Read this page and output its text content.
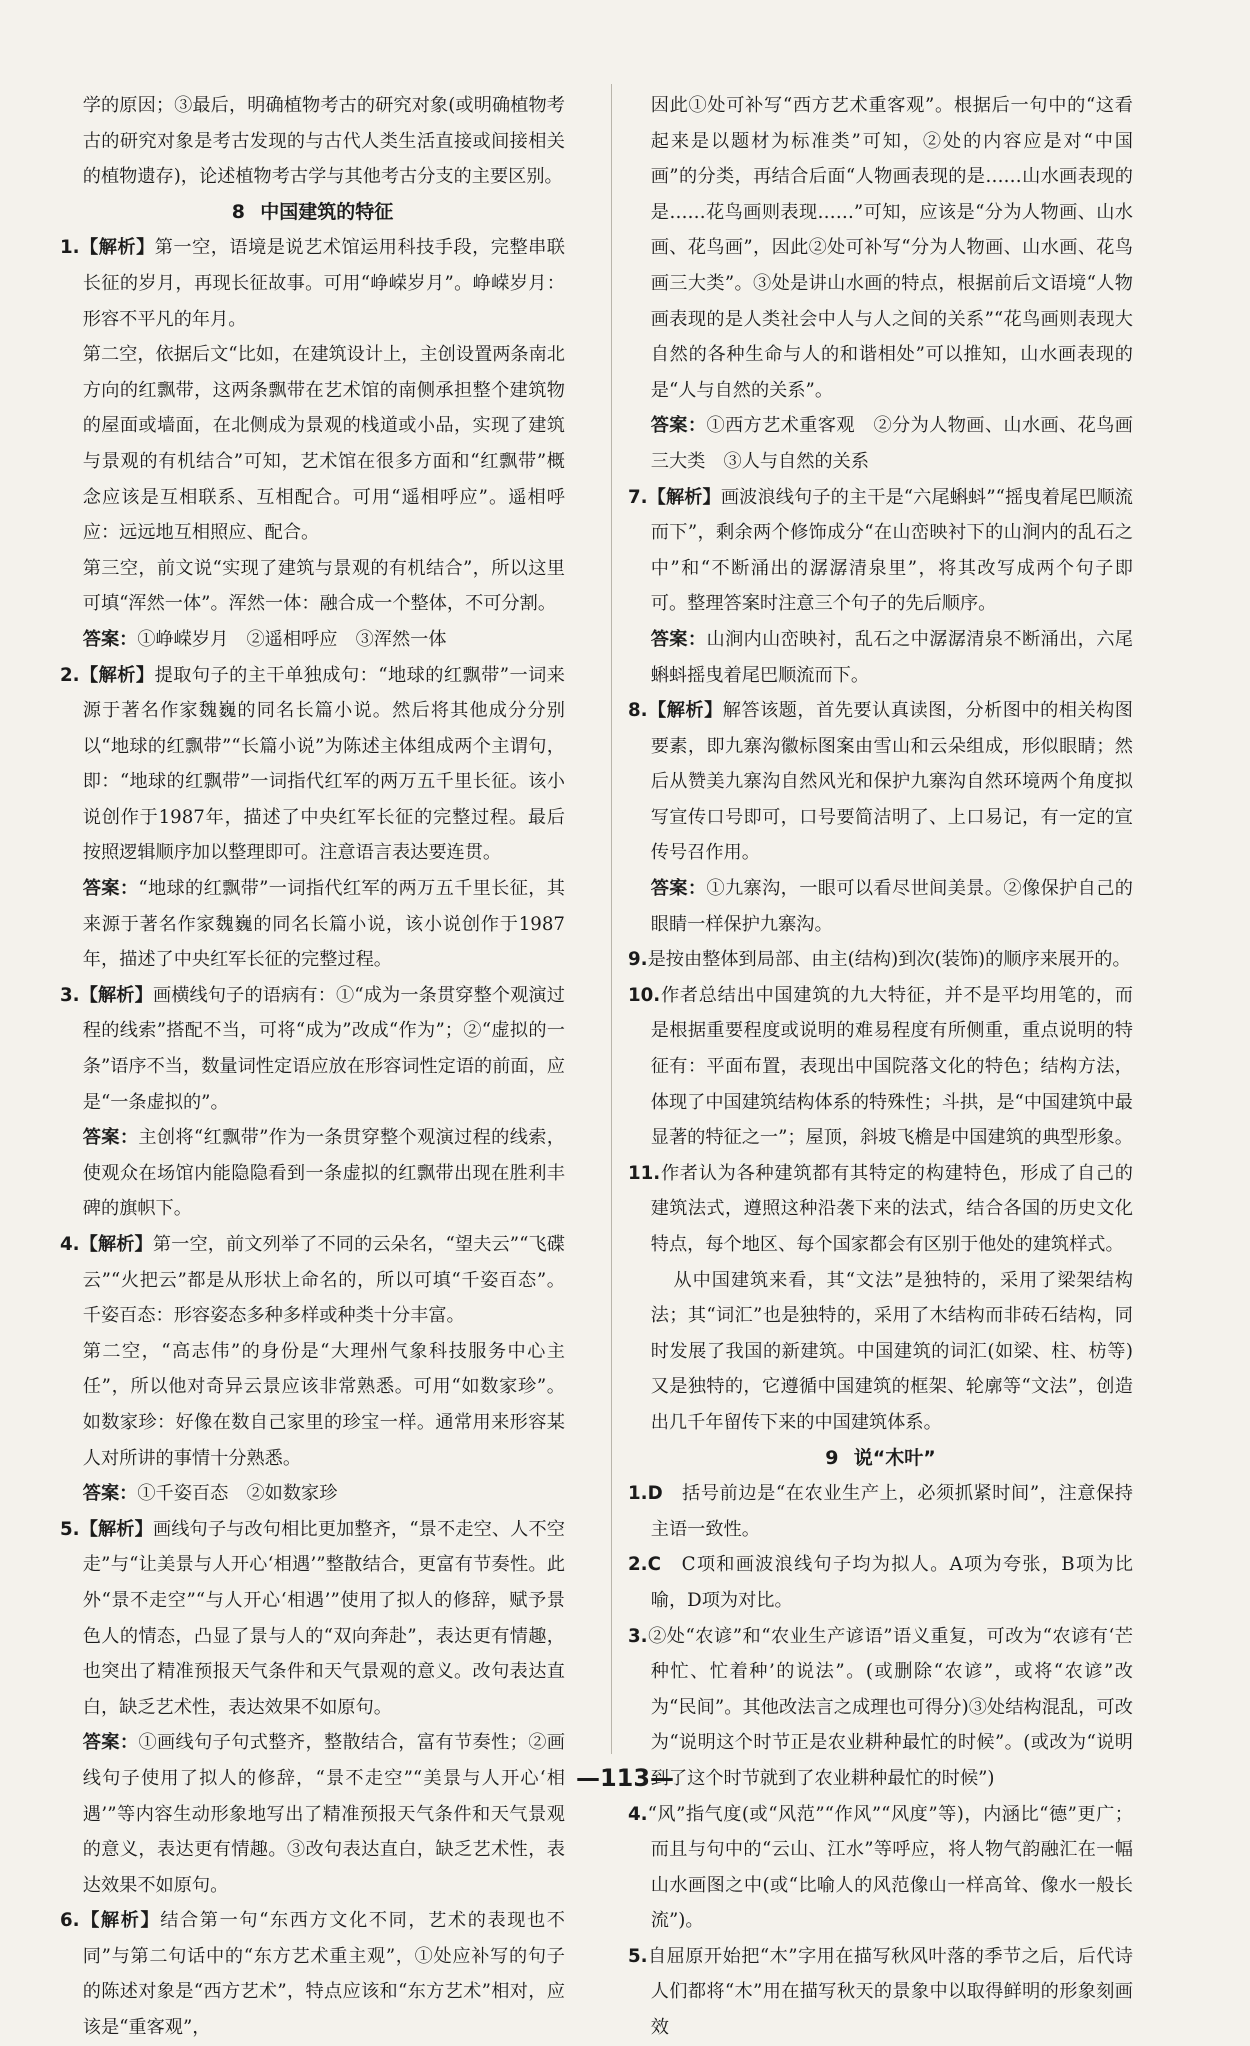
学的原因；③最后，明确植物考古的研究对象(或明确植物考古的研究对象是考古发现的与古代人类生活直接或间接相关的植物遗存)，论述植物考古学与其他考古分支的主要区别。

8 中国建筑的特征

1.【解析】第一空，语境是说艺术馆运用科技手段，完整串联长征的岁月，再现长征故事。可用“峥嵘岁月”。峥嵘岁月：形容不平凡的年月。

第二空，依据后文“比如，在建筑设计上，主创设置两条南北方向的红飘带，这两条飘带在艺术馆的南侧承担整个建筑物的屋面或墙面，在北侧成为景观的栈道或小品，实现了建筑与景观的有机结合”可知，艺术馆在很多方面和“红飘带”概念应该是互相联系、互相配合。可用“遥相呼应”。遥相呼应：远远地互相照应、配合。

第三空，前文说“实现了建筑与景观的有机结合”，所以这里可填“浑然一体”。浑然一体：融合成一个整体，不可分割。

答案：①峥嵘岁月　②遥相呼应　③浑然一体

2.【解析】提取句子的主干单独成句：“地球的红飘带”一词来源于著名作家魏巍的同名长篇小说。然后将其他成分分别以“地球的红飘带”“长篇小说”为陈述主体组成两个主谓句，即：“地球的红飘带”一词指代红军的两万五千里长征。该小说创作于1987年，描述了中央红军长征的完整过程。最后按照逻辑顺序加以整理即可。注意语言表达要连贯。

答案：“地球的红飘带”一词指代红军的两万五千里长征，其来源于著名作家魏巍的同名长篇小说，该小说创作于1987年，描述了中央红军长征的完整过程。

3.【解析】画横线句子的语病有：①“成为一条贯穿整个观演过程的线索”搭配不当，可将“成为”改成“作为”；②“虚拟的一条”语序不当，数量词性定语应放在形容词性定语的前面，应是“一条虚拟的”。

答案：主创将“红飘带”作为一条贯穿整个观演过程的线索，使观众在场馆内能隐隐看到一条虚拟的红飘带出现在胜利丰碑的旗帜下。

4.【解析】第一空，前文列举了不同的云朵名，“望夫云”“飞碟云”“火把云”都是从形状上命名的，所以可填“千姿百态”。千姿百态：形容姿态多种多样或种类十分丰富。

第二空，“高志伟”的身份是“大理州气象科技服务中心主任”，所以他对奇异云景应该非常熟悉。可用“如数家珍”。如数家珍：好像在数自己家里的珍宝一样。通常用来形容某人对所讲的事情十分熟悉。

答案：①千姿百态　②如数家珍

5.【解析】画线句子与改句相比更加整齐，“景不走空、人不空走”与“让美景与人开心‘相遇’”整散结合，更富有节奏性。此外“景不走空”“与人开心‘相遇’”使用了拟人的修辞，赋予景色人的情态，凸显了景与人的“双向奔赴”，表达更有情趣，也突出了精准预报天气条件和天气景观的意义。改句表达直白，缺乏艺术性，表达效果不如原句。

答案：①画线句子句式整齐，整散结合，富有节奏性；②画线句子使用了拟人的修辞，“景不走空”“美景与人开心‘相遇’”等内容生动形象地写出了精准预报天气条件和天气景观的意义，表达更有情趣。③改句表达直白，缺乏艺术性，表达效果不如原句。

6.【解析】结合第一句“东西方文化不同，艺术的表现也不同”与第二句话中的“东方艺术重主观”，①处应补写的句子的陈述对象是“西方艺术”，特点应该和“东方艺术”相对，应该是“重客观”，

因此①处可补写“西方艺术重客观”。根据后一句中的“这看起来是以题材为标准类”可知，②处的内容应是对“中国画”的分类，再结合后面“人物画表现的是……山水画表现的是……花鸟画则表现……”可知，应该是“分为人物画、山水画、花鸟画”，因此②处可补写“分为人物画、山水画、花鸟画三大类”。③处是讲山水画的特点，根据前后文语境“人物画表现的是人类社会中人与人之间的关系”“花鸟画则表现大自然的各种生命与人的和谐相处”可以推知，山水画表现的是“人与自然的关系”。

答案：①西方艺术重客观　②分为人物画、山水画、花鸟画三大类　③人与自然的关系

7.【解析】画波浪线句子的主干是“六尾蝌蚪”“摇曳着尾巴顺流而下”，剩余两个修饰成分“在山峦映衬下的山涧内的乱石之中”和“不断涌出的潺潺清泉里”，将其改写成两个句子即可。整理答案时注意三个句子的先后顺序。

答案：山涧内山峦映衬，乱石之中潺潺清泉不断涌出，六尾蝌蚪摇曳着尾巴顺流而下。

8.【解析】解答该题，首先要认真读图，分析图中的相关构图要素，即九寨沟徽标图案由雪山和云朵组成，形似眼睛；然后从赞美九寨沟自然风光和保护九寨沟自然环境两个角度拟写宣传口号即可，口号要简洁明了、上口易记，有一定的宣传号召作用。

答案：①九寨沟，一眼可以看尽世间美景。②像保护自己的眼睛一样保护九寨沟。

9.是按由整体到局部、由主(结构)到次(装饰)的顺序来展开的。

10.作者总结出中国建筑的九大特征，并不是平均用笔的，而是根据重要程度或说明的难易程度有所侧重，重点说明的特征有：平面布置，表现出中国院落文化的特色；结构方法，体现了中国建筑结构体系的特殊性；斗拱，是“中国建筑中最显著的特征之一”；屋顶，斜坡飞檐是中国建筑的典型形象。

11.作者认为各种建筑都有其特定的构建特色，形成了自己的建筑法式，遵照这种沿袭下来的法式，结合各国的历史文化特点，每个地区、每个国家都会有区别于他处的建筑样式。

从中国建筑来看，其“文法”是独特的，采用了梁架结构法；其“词汇”也是独特的，采用了木结构而非砖石结构，同时发展了我国的新建筑。中国建筑的词汇(如梁、柱、枋等)又是独特的，它遵循中国建筑的框架、轮廓等“文法”，创造出几千年留传下来的中国建筑体系。

9 说“木叶”

1.D　 括号前边是“在农业生产上，必须抓紧时间”，注意保持主语一致性。

2.C　 C项和画波浪线句子均为拟人。A项为夸张，B项为比喻，D项为对比。

3.②处“农谚”和“农业生产谚语”语义重复，可改为“农谚有‘芒种忙、忙着种’的说法”。(或删除“农谚”，或将“农谚”改为“民间”。其他改法言之成理也可得分)③处结构混乱，可改为“说明这个时节正是农业耕种最忙的时候”。(或改为“说明到了这个时节就到了农业耕种最忙的时候”)

4.“风”指气度(或“风范”“作风”“风度”等)，内涵比“德”更广；而且与句中的“云山、江水”等呼应，将人物气韵融汇在一幅山水画图之中(或“比喻人的风范像山一样高耸、像水一般长流”)。

5.自屈原开始把“木”字用在描写秋风叶落的季节之后，后代诗人们都将“木”用在描写秋天的景象中以取得鲜明的形象刻画效

—113—
